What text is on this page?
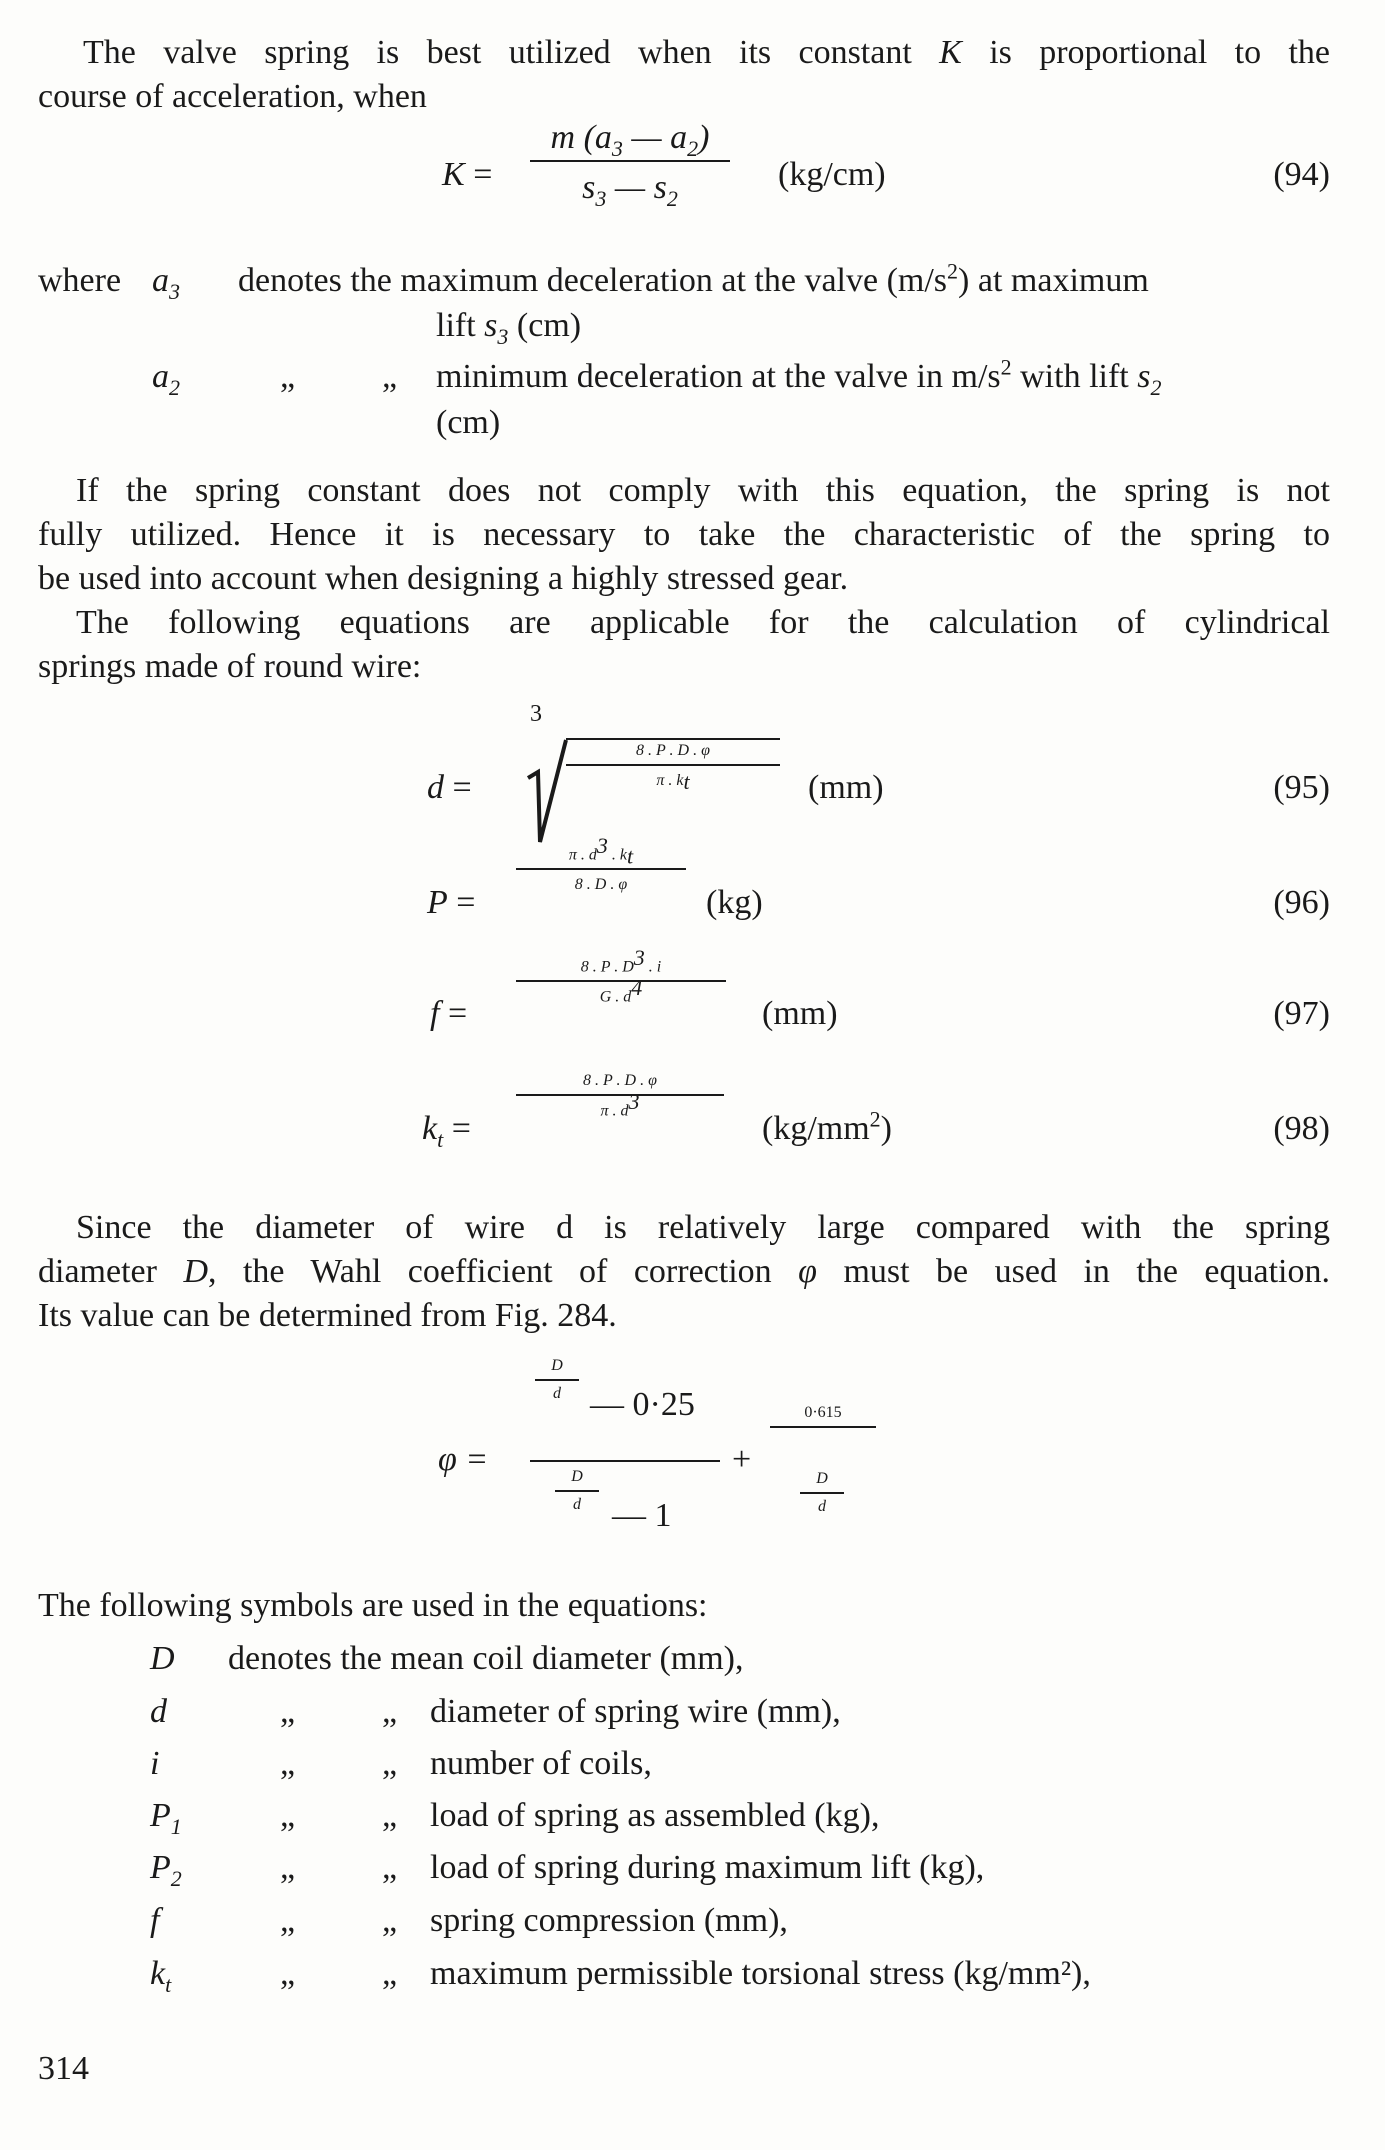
The valve spring is best utilized when its constant K is proportional to the
course of acceleration, when
K =
m ($a_3$ — $a_2$)
$s_3$ — $s_2$
(kg/cm)	(94)
where $a_3$ denotes the maximum deceleration at the valve $(m/s^2)$ at maximum
lift $s_3$ (cm)
$a_2$	„	„ minimum deceleration at the valve in $m/s^2$ with lift $s_2$
(cm)
If the spring constant does not comply with this equation, the spring is not
fully utilized. Hence it is necessary to take the characteristic of the spring to
be used into account when designing a highly stressed gear.
The following equations are applicable for the calculation of cylindrical
springs made of round wire:
d =
3
8 . P . D . φ
π . $k_t$	(mm)	(95)
P =
π . $d^3$ . $k_t$
8 . D . φ	(kg)	(96)
f =
8 . P . $D^3$ . i
G . $d^4$
(mm)	(97)
$k_t$ =
8 . P . D . φ
π . $d^3$
$(kg/mm^2)$	(98)
Since the diameter of wire d is relatively large compared with the spring
diameter D, the Wahl coefficient of correction φ must be used in the equation.
Its value can be determined from Fig. 284.
φ =
D
d — 0·25
D
d — 1
+
0·615
D
d
The following symbols are used in the equations:
D denotes the mean coil diameter (mm),
d	„	„ diameter of spring wire (mm),
i	„	„ number of coils,
$P_1$	„	„ load of spring as assembled (kg),
$P_2$	„	„ load of spring during maximum lift (kg),
f	„	„ spring compression (mm),
$k_t$	„	„ maximum permissible torsional stress (kg/mm²),
314
